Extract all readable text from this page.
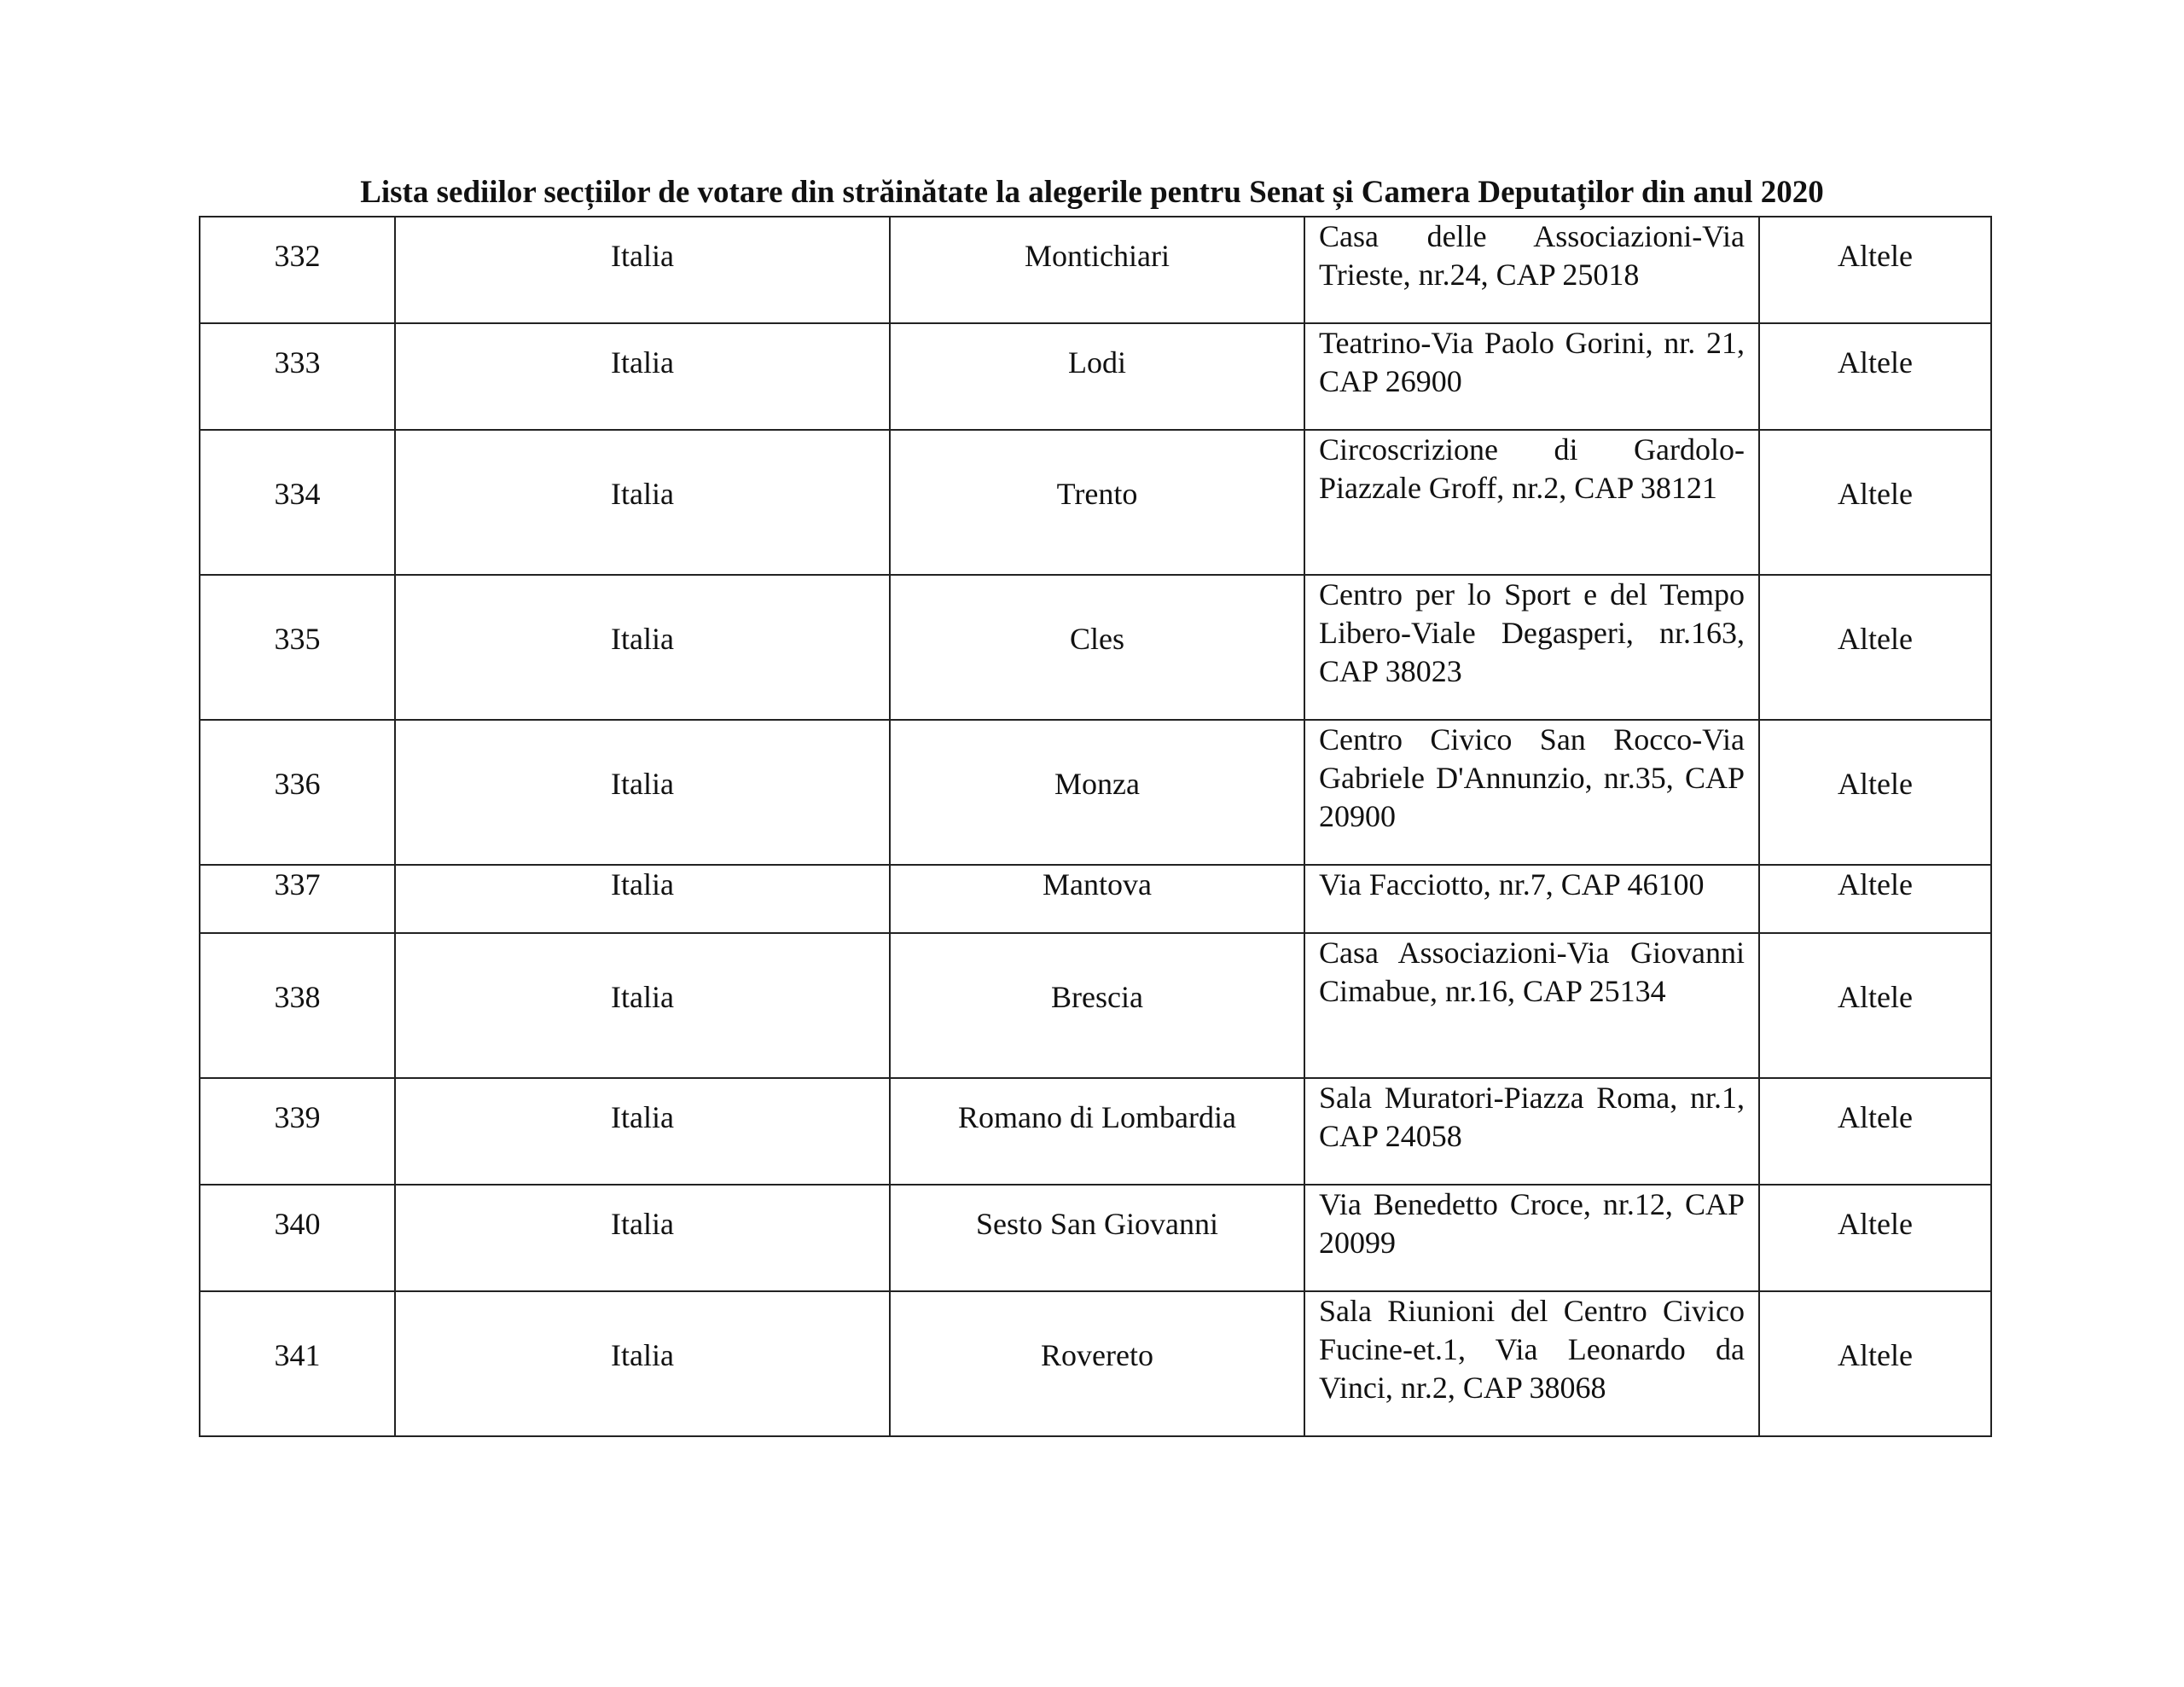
Lista sediilor secțiilor de votare din străinătate la alegerile pentru Senat și Camera Deputaților din anul 2020
332	Italia	Montichiari	Casa delle Associazioni-Via Trieste, nr.24, CAP 25018	Altele

333	Italia	Lodi	Teatrino-Via Paolo Gorini, nr. 21, CAP 26900	Altele

334	Italia	Trento	Circoscrizione di Gardolo-Piazzale Groff, nr.2, CAP 38121	Altele

335	Italia	Cles	Centro per lo Sport e del Tempo Libero-Viale Degasperi, nr.163, CAP 38023	Altele

336	Italia	Monza	Centro Civico San Rocco-Via Gabriele D'Annunzio, nr.35, CAP 20900	Altele

337	Italia	Mantova	Via Facciotto, nr.7, CAP 46100	Altele

338	Italia	Brescia	Casa Associazioni-Via Giovanni Cimabue, nr.16, CAP 25134	Altele

339	Italia	Romano di Lombardia	Sala Muratori-Piazza Roma, nr.1, CAP 24058	Altele

340	Italia	Sesto San Giovanni	Via Benedetto Croce, nr.12, CAP 20099	Altele

341	Italia	Rovereto	Sala Riunioni del Centro Civico Fucine-et.1, Via Leonardo da Vinci, nr.2, CAP 38068	Altele
